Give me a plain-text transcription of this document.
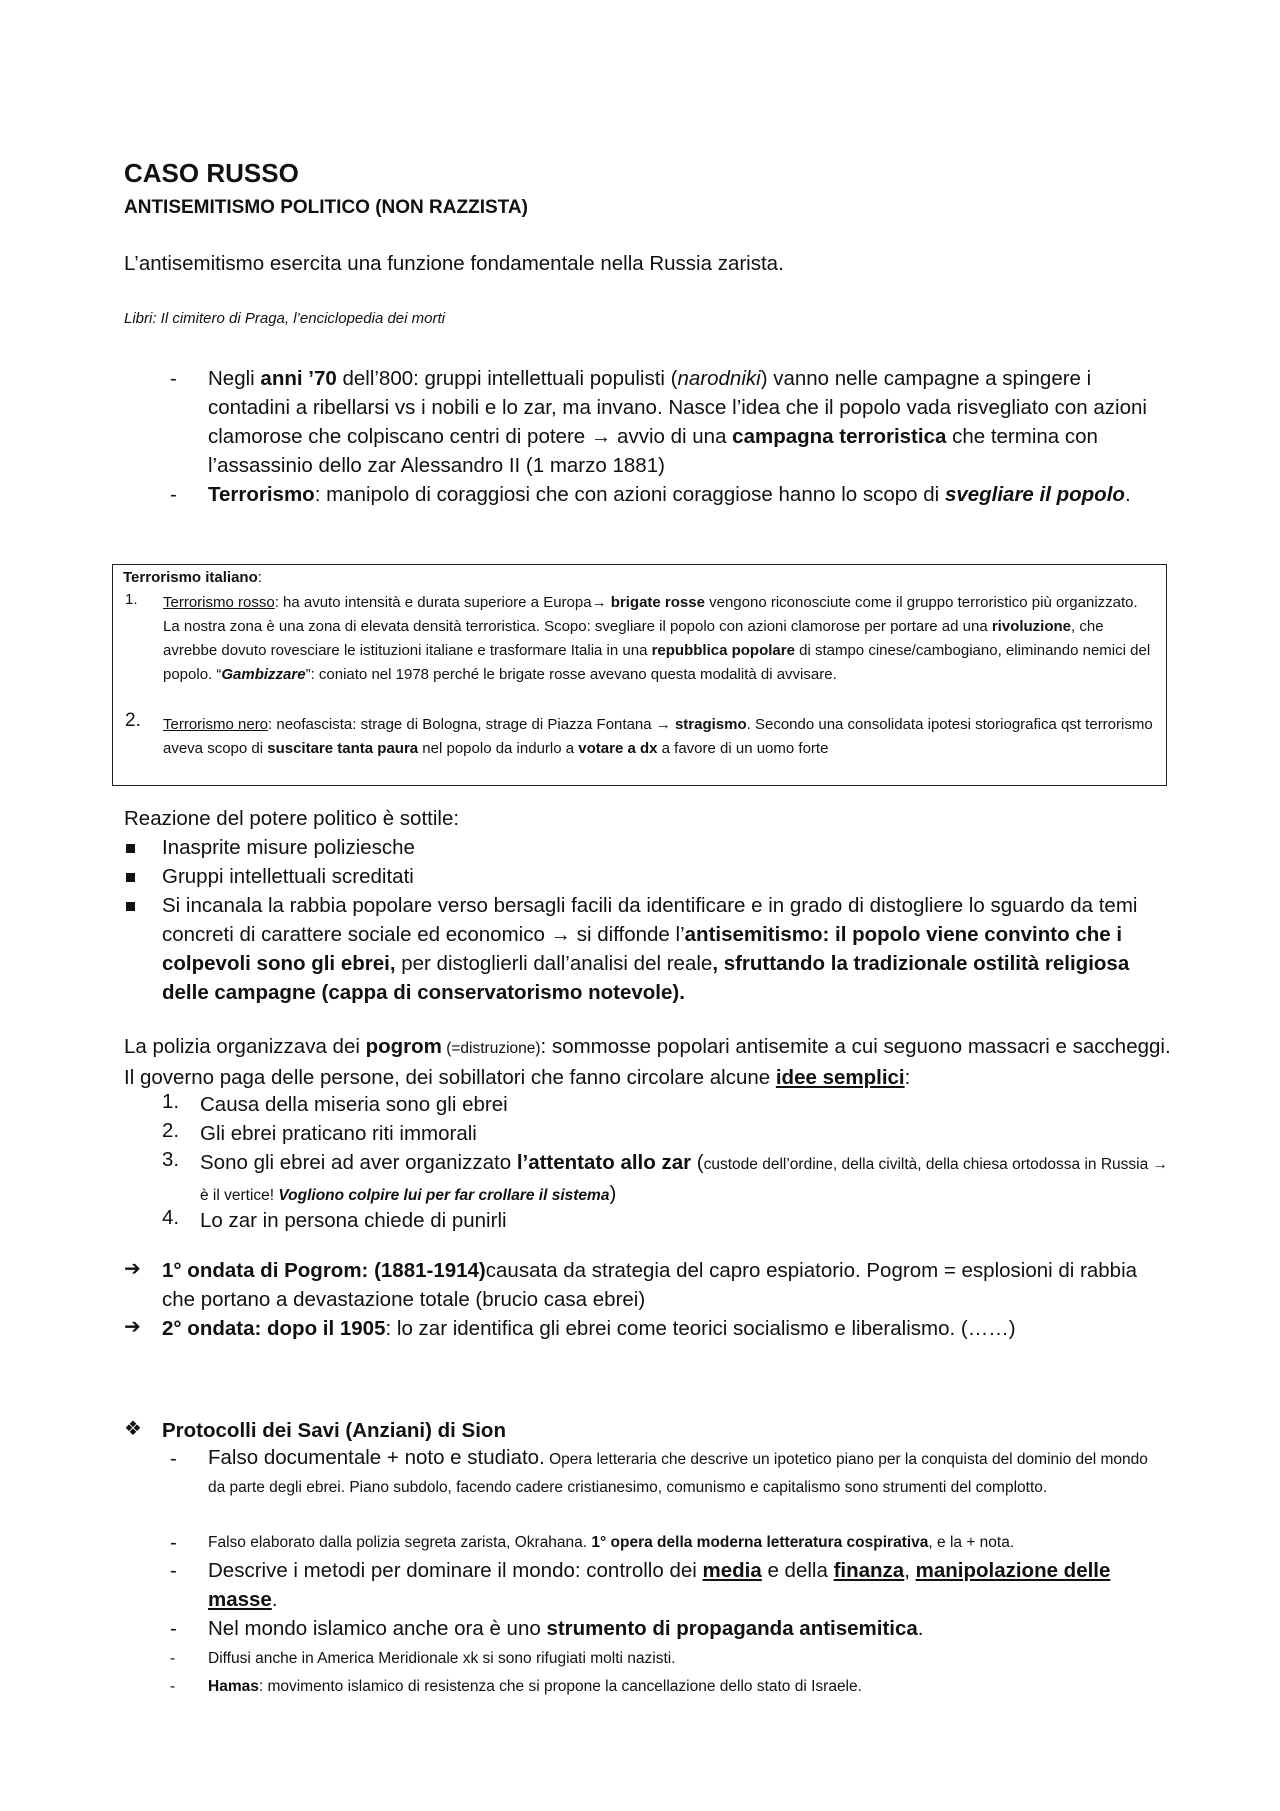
CASO RUSSO
ANTISEMITISMO POLITICO (NON RAZZISTA)
L’antisemitismo esercita una funzione fondamentale nella Russia zarista.
Libri: Il cimitero di Praga, l’enciclopedia dei morti
- Negli anni ’70 dell’800: gruppi intellettuali populisti (narodniki) vanno nelle campagne a spingere i contadini a ribellarsi vs i nobili e lo zar, ma invano. Nasce l’idea che il popolo vada risvegliato con azioni clamorose che colpiscano centri di potere → avvio di una campagna terroristica che termina con l’assassinio dello zar Alessandro II (1 marzo 1881)
- Terrorismo: manipolo di coraggiosi che con azioni coraggiose hanno lo scopo di svegliare il popolo.
Terrorismo italiano:
1. Terrorismo rosso: ha avuto intensità e durata superiore a Europa→ brigate rosse vengono riconosciute come il gruppo terroristico più organizzato. La nostra zona è una zona di elevata densità terroristica. Scopo: svegliare il popolo con azioni clamorose per portare ad una rivoluzione, che avrebbe dovuto rovesciare le istituzioni italiane e trasformare Italia in una repubblica popolare di stampo cinese/cambogiano, eliminando nemici del popolo. “Gambizzare”: coniato nel 1978 perché le brigate rosse avevano questa modalità di avvisare.
2. Terrorismo nero: neofascista: strage di Bologna, strage di Piazza Fontana → stragismo. Secondo una consolidata ipotesi storiografica qst terrorismo aveva scopo di suscitare tanta paura nel popolo da indurlo a votare a dx a favore di un uomo forte
Reazione del potere politico è sottile:
Inasprite misure poliziesche
Gruppi intellettuali screditati
Si incanala la rabbia popolare verso bersagli facili da identificare e in grado di distogliere lo sguardo da temi concreti di carattere sociale ed economico → si diffonde l’antisemitismo: il popolo viene convinto che i colpevoli sono gli ebrei, per distoglierli dall’analisi del reale, sfruttando la tradizionale ostilità religiosa delle campagne (cappa di conservatorismo notevole).
La polizia organizzava dei pogrom (=distruzione): sommosse popolari antisemite a cui seguono massacri e saccheggi. Il governo paga delle persone, dei sobillatori che fanno circolare alcune idee semplici:
1. Causa della miseria sono gli ebrei
2. Gli ebrei praticano riti immorali
3. Sono gli ebrei ad aver organizzato l’attentato allo zar (custode dell’ordine, della civiltà, della chiesa ortodossa in Russia → è il vertice! Vogliono colpire lui per far crollare il sistema)
4. Lo zar in persona chiede di punirli
➔ 1° ondata di Pogrom: (1881-1914)causata da strategia del capro espiatorio. Pogrom = esplosioni di rabbia che portano a devastazione totale (brucio casa ebrei)
➔ 2° ondata: dopo il 1905: lo zar identifica gli ebrei come teorici socialismo e liberalismo. (……)
❖ Protocolli dei Savi (Anziani) di Sion
- Falso documentale + noto e studiato. Opera letteraria che descrive un ipotetico piano per la conquista del dominio del mondo da parte degli ebrei. Piano subdolo, facendo cadere cristianesimo, comunismo e capitalismo sono strumenti del complotto.
- Falso elaborato dalla polizia segreta zarista, Okrahana. 1° opera della moderna letteratura cospirativa, e la + nota.
- Descrive i metodi per dominare il mondo: controllo dei media e della finanza, manipolazione delle masse.
- Nel mondo islamico anche ora è uno strumento di propaganda antisemitica.
- Diffusi anche in America Meridionale xk si sono rifugiati molti nazisti.
- Hamas: movimento islamico di resistenza che si propone la cancellazione dello stato di Israele.
